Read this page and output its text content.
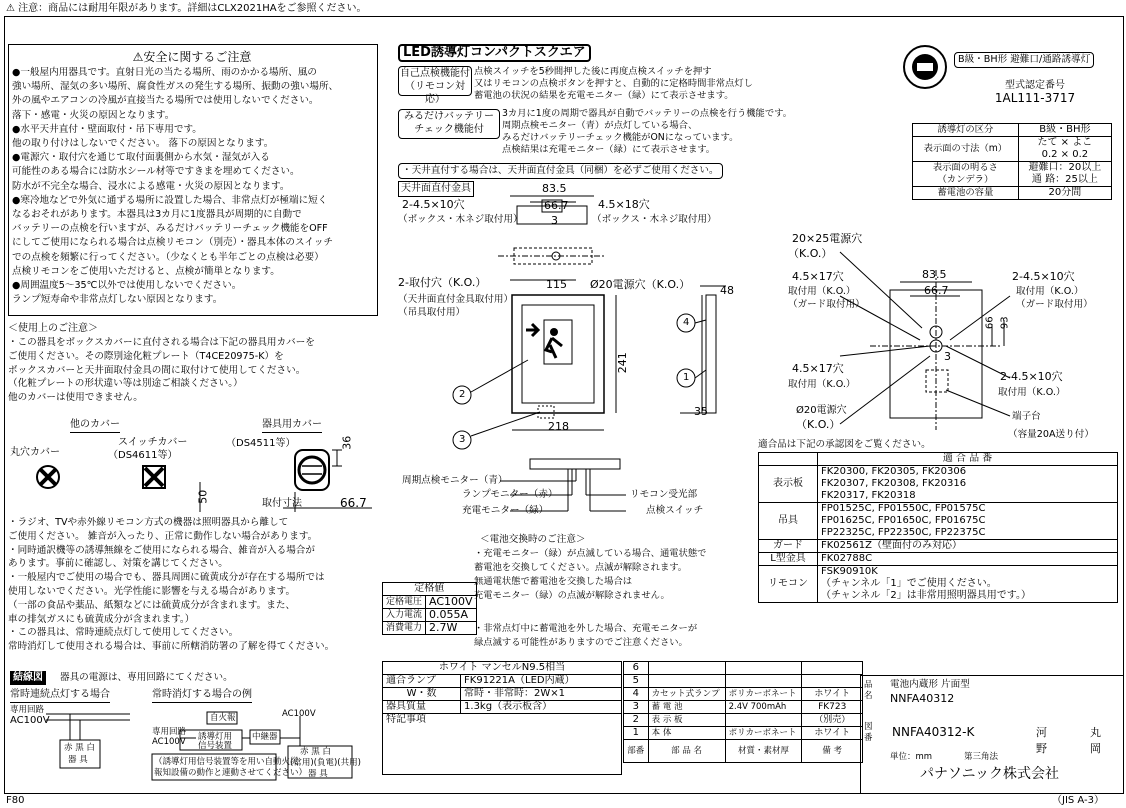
⚠ 注意：商品には耐用年限があります。詳細はCLX2021HAをご参照ください。
⚠安全に関するご注意
●一般屋内用器具です。直射日光の当たる場所、雨のかかる場所、風の
強い場所、湿気の多い場所、腐食性ガスの発生する場所、振動の強い場所、
外の風やエアコンの冷風が直接当たる場所では使用しないでください。
落下・感電・火災の原因となります。
●水平天井直付・壁面取付・吊下専用です。
他の取り付けはしないでください。 落下の原因となります。
●電源穴・取付穴を通じて取付面裏側から水気・湿気が入る
可能性のある場合には防水シール材等ですきまを埋めてください。
防水が不完全な場合、浸水による感電・火災の原因となります。
●寒冷地などで外気に通ずる場所に設置した場合、非常点灯が極端に短く
なるおそれがあります。本器具は3カ月に1度器具が周期的に自動で
バッテリーの点検を行いますが、みるだけバッテリーチェック機能をOFF
にしてご使用になられる場合は点検リモコン（別売）・器具本体のスイッチ
での点検を頻繁に行ってください。（少なくとも半年ごとの点検は必要）
点検リモコンをご使用いただけると、点検が簡単となります。
●周囲温度5～35℃以外では使用しないでください。
ランプ短寿命や非常点灯しない原因となります。
＜使用上のご注意＞
・この器具をボックスカバーに直付される場合は下記の器具用カバーを
ご使用ください。その際別途化粧プレート（T4CE20975-K）を
ボックスカバーと天井面取付金具の間に取付けて使用してください。
（化粧プレートの形状違い等は別途ご相談ください。）
他のカバーは使用できません。
他のカバー	器具用カバー
丸穴カバー
スイッチカバー
（DS4611等）
（DS4511等）	36
50	取付寸法	66.7
・ラジオ、TVや赤外線リモコン方式の機器は照明器具から離して
ご使用ください。 雑音が入ったり、正常に動作しない場合があります。
・同時通訳機等の誘導無線をご使用になられる場合、雑音が入る場合が
あります。事前に確認し、対策を講じてください。
・一般屋内でご使用の場合でも、器具周囲に硫黄成分が存在する場所では
使用しないでください。光学性能に影響を与える場合があります。
（一部の食品や薬品、紙類などには硫黄成分が含まれます。また、
車の排気ガスにも硫黄成分が含まれます。）
・この器具は、常時連続点灯して使用してください。
常時消灯して使用される場合は、事前に所轄消防署の了解を得てください。
結線図	器具の電源は、専用回路にてください。
常時連続点灯する場合	常時消灯する場合の例
専用回路
AC100V
赤 黒 白
器 具
自火報
専用回路
AC100V 誘導灯用信号装置
中継器
AC100V
赤 黒 白
(常用)(負電)(共用)
器 具
（誘導灯用信号装置等を用い自動火災
報知設備の動作と連動させてください）
LED誘導灯コンパクトスクエア
自己点検機能付
（リモコン対応）
点検スイッチを5秒間押した後に再度点検スイッチを押す
又はリモコンの点検ボタンを押すと、自動的に定格時間非常点灯し
蓄電池の状況の結果を充電モニター（緑）にて表示させます。
みるだけバッテリー
チェック機能付
3カ月に1度の周期で器具が自動でバッテリーの点検を行う機能です。
周期点検モニター（青）が点灯している場合、
みるだけバッテリーチェック機能がONになっています。
点検結果は充電モニター（緑）にて表示させます。
・天井直付する場合は、天井面直付金具（同梱）を必ずご使用ください。
天井面直付金具
B級・BH形 避難口/通路誘導灯
型式認定番号
1AL111-3717
誘導灯の区分	B級・BH形
表示面の寸法（m）	たて × よこ
0.2 × 0.2
表示面の明るさ
（カンデラ）	避難口：20以上
通 路：25以上
蓄電池の容量	20分間
83.5
66.7
3
2-4.5×10穴
（ボックス・木ネジ取付用）
4.5×18穴
（ボックス・木ネジ取付用）
2-取付穴（K.O.）
（天井面直付金具取付用）
（吊具取付用）
115 Ø20電源穴（K.O.）	48
241
35
218
4
1
2
3
周期点検モニター（青）
ランプモニター（赤）
充電モニター（緑）
リモコン受光部
点検スイッチ
20×25電源穴
（K.O.）
4.5×17穴
取付用（K.O.）
（ガード取付用）
83.5
66.7
2-4.5×10穴
取付用（K.O.）
（ガード取付用）
66 93
3
4.5×17穴
取付用（K.O.）
2-4.5×10穴
取付用（K.O.）
Ø20電源穴
（K.O.）
端子台
（容量20A送り付）
適合品は下記の承認図をご覧ください。
	適 合 品 番
表示板	FK20300, FK20305, FK20306
FK20307, FK20308, FK20316
FK20317, FK20318
吊具	FP01525C, FP01550C, FP01575C
FP01625C, FP01650C, FP01675C
FP22325C, FP22350C, FP22375C
ガード	FK02561Z（壁面付のみ対応）
L型金具	FK02788C
リモコン	FSK90910K
（チャンネル「1」でご使用ください。
（チャンネル「2」は非常用照明器具用です。）
＜電池交換時のご注意＞
・充電モニター（緑）が点滅している場合、通電状態で
蓄電池を交換してください。点滅が解除されます。
無通電状態で蓄電池を交換した場合は
充電モニター（緑）の点滅が解除されません。
・非常点灯中に蓄電池を外した場合、充電モニターが
緑点滅する可能性がありますのでご注意ください。
定格値	
定格電圧	AC100V
入力電流	0.055A
消費電力	2.7W
ホワイト マンセルN9.5相当	
適合ランプ	FK91221A（LED内蔵）
W・数	常時・非常時：2W×1
器具質量	1.3kg（表示板含）
特記事項	
6			
5			
4	カセット式ランプ	ポリカーボネート	ホワイト
3	蓄 電 池	2.4V 700mAh	FK723
2	表 示 板		（別売）
1	本 体	ポリカーボネート	ホワイト
部番	部 品 名	材質・素材厚	備 考
品名
電池内蔵形 片面型
NNFA40312
図番 NNFA40312-K	河	丸
野	岡
単位：mm	第三角法
パナソニック株式会社
F80	（JIS A-3）
